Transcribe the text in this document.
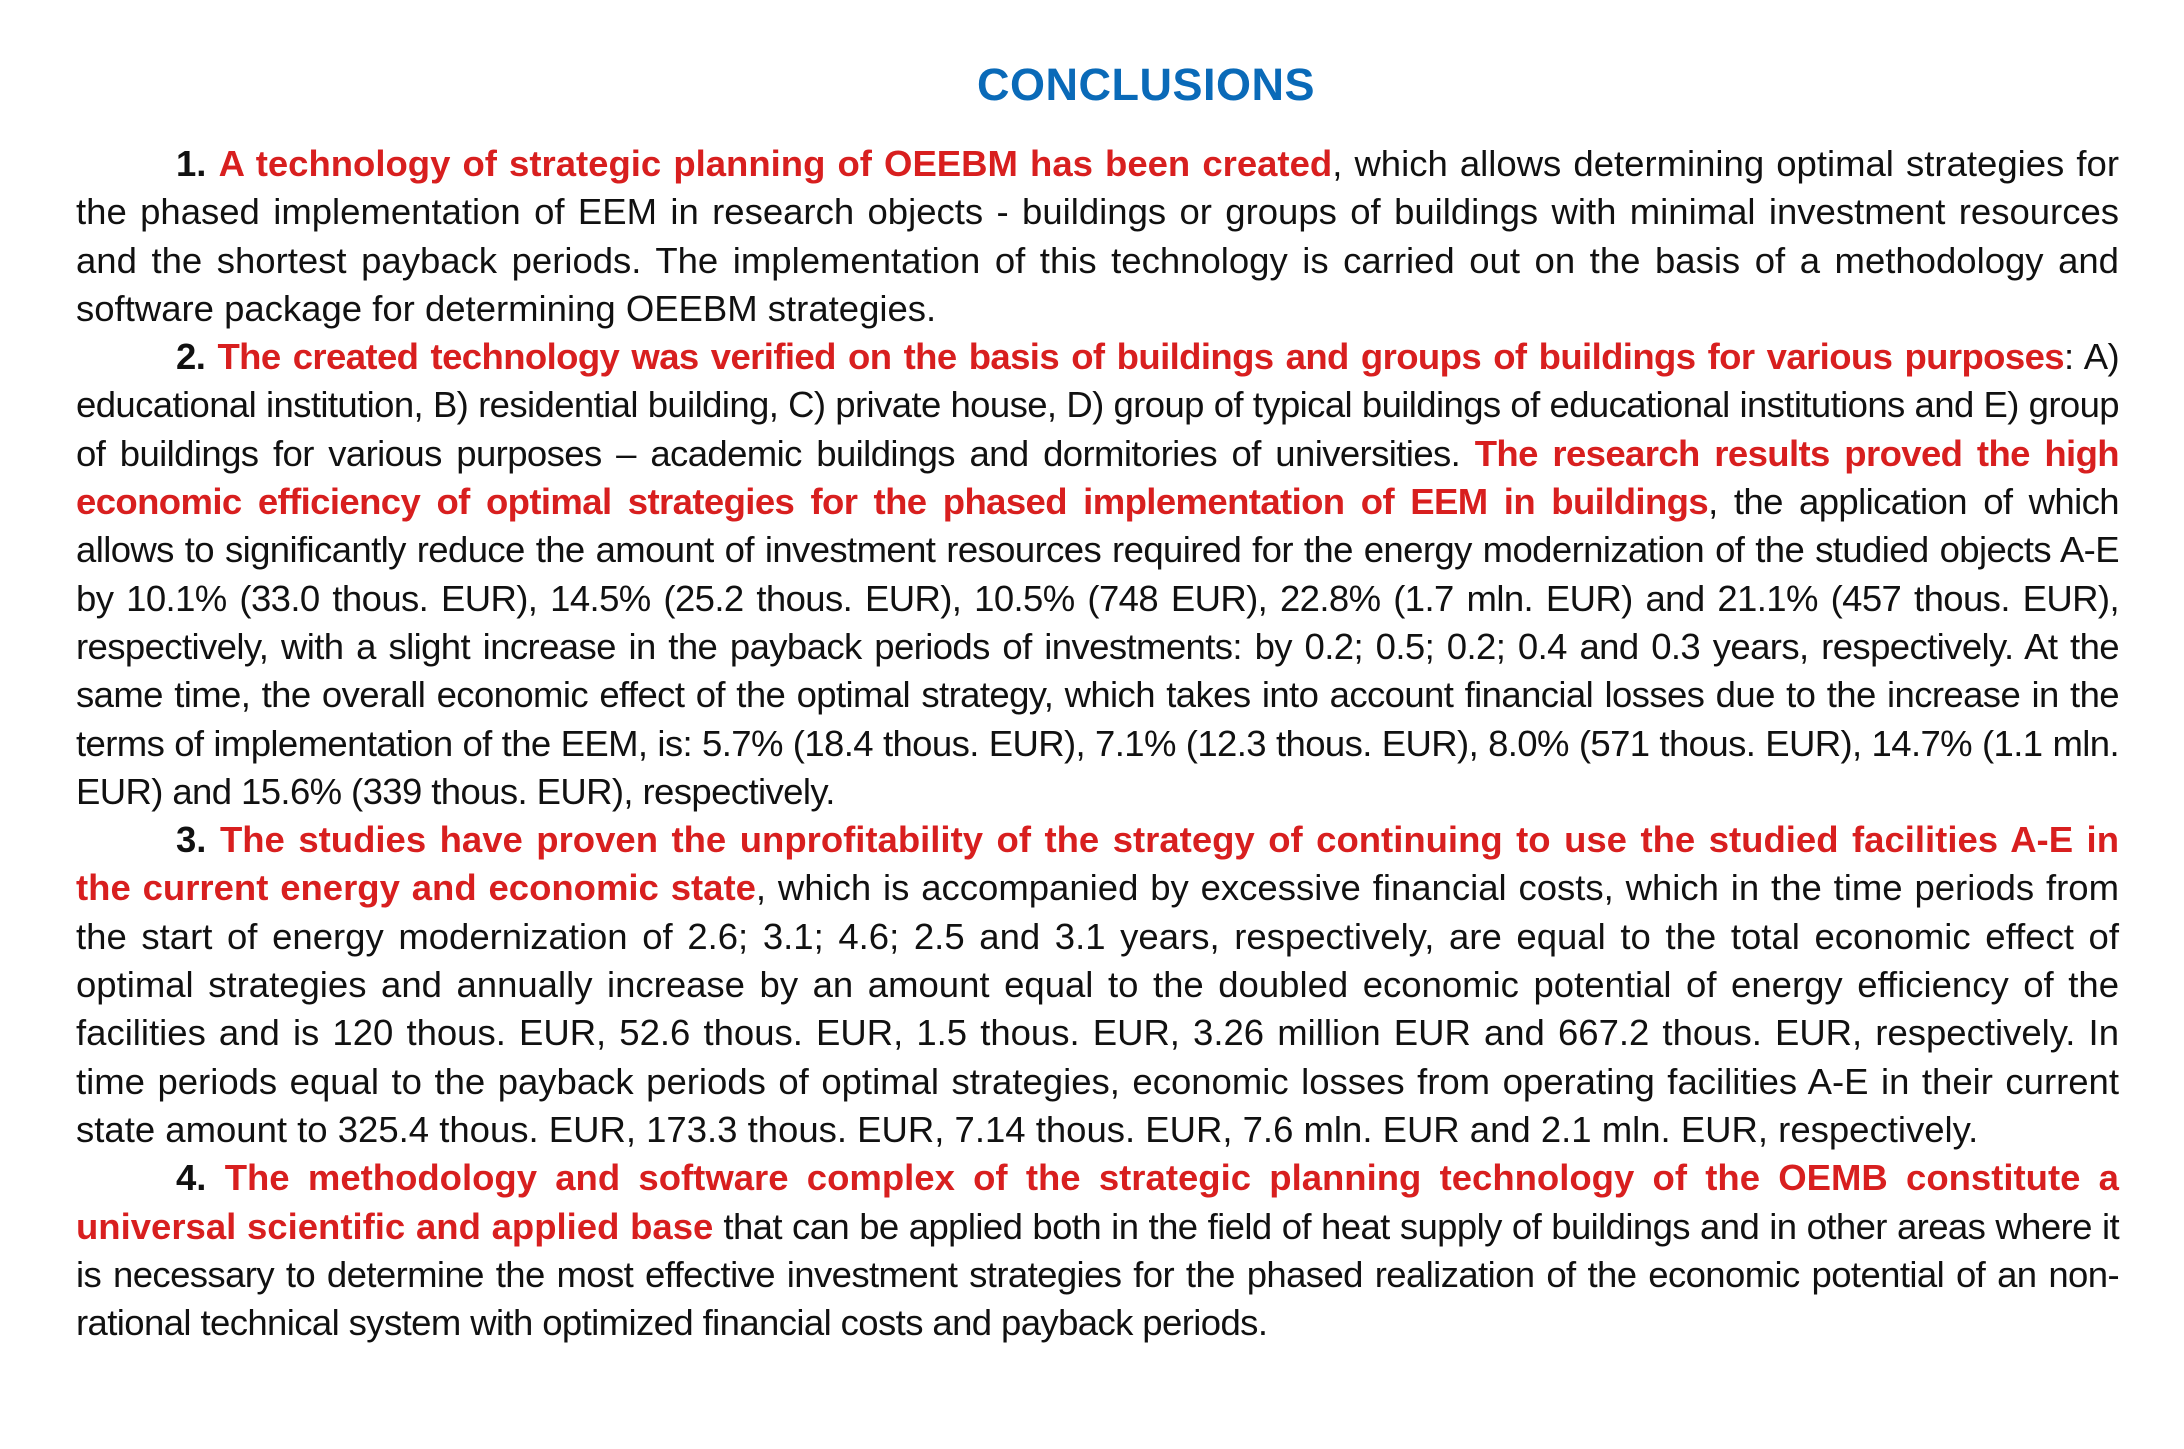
CONCLUSIONS

1. A technology of strategic planning of OEEBM has been created, which allows determining optimal strategies for the phased implementation of EEM in research objects - buildings or groups of buildings with minimal investment resources and the shortest payback periods. The implementation of this technology is carried out on the basis of a methodology and software package for determining OEEBM strategies.

2. The created technology was verified on the basis of buildings and groups of buildings for various purposes: A) educational institution, B) residential building, C) private house, D) group of typical buildings of educational institutions and E) group of buildings for various purposes – academic buildings and dormitories of universities. The research results proved the high economic efficiency of optimal strategies for the phased implementation of EEM in buildings, the application of which allows to significantly reduce the amount of investment resources required for the energy modernization of the studied objects A-E by 10.1% (33.0 thous. EUR), 14.5% (25.2 thous. EUR), 10.5% (748 EUR), 22.8% (1.7 mln. EUR) and 21.1% (457 thous. EUR), respectively, with a slight increase in the payback periods of investments: by 0.2; 0.5; 0.2; 0.4 and 0.3 years, respectively. At the same time, the overall economic effect of the optimal strategy, which takes into account financial losses due to the increase in the terms of implementation of the EEM, is: 5.7% (18.4 thous. EUR), 7.1% (12.3 thous. EUR), 8.0% (571 thous. EUR), 14.7% (1.1 mln. EUR) and 15.6% (339 thous. EUR), respectively.

3. The studies have proven the unprofitability of the strategy of continuing to use the studied facilities A-E in the current energy and economic state, which is accompanied by excessive financial costs, which in the time periods from the start of energy modernization of 2.6; 3.1; 4.6; 2.5 and 3.1 years, respectively, are equal to the total economic effect of optimal strategies and annually increase by an amount equal to the doubled economic potential of energy efficiency of the facilities and is 120 thous. EUR, 52.6 thous. EUR, 1.5 thous. EUR, 3.26 million EUR and 667.2 thous. EUR, respectively. In time periods equal to the payback periods of optimal strategies, economic losses from operating facilities A-E in their current state amount to 325.4 thous. EUR, 173.3 thous. EUR, 7.14 thous. EUR, 7.6 mln. EUR and 2.1 mln. EUR, respectively.

4. The methodology and software complex of the strategic planning technology of the OEMB constitute a universal scientific and applied base that can be applied both in the field of heat supply of buildings and in other areas where it is necessary to determine the most effective investment strategies for the phased realization of the economic potential of an non-rational technical system with optimized financial costs and payback periods.
